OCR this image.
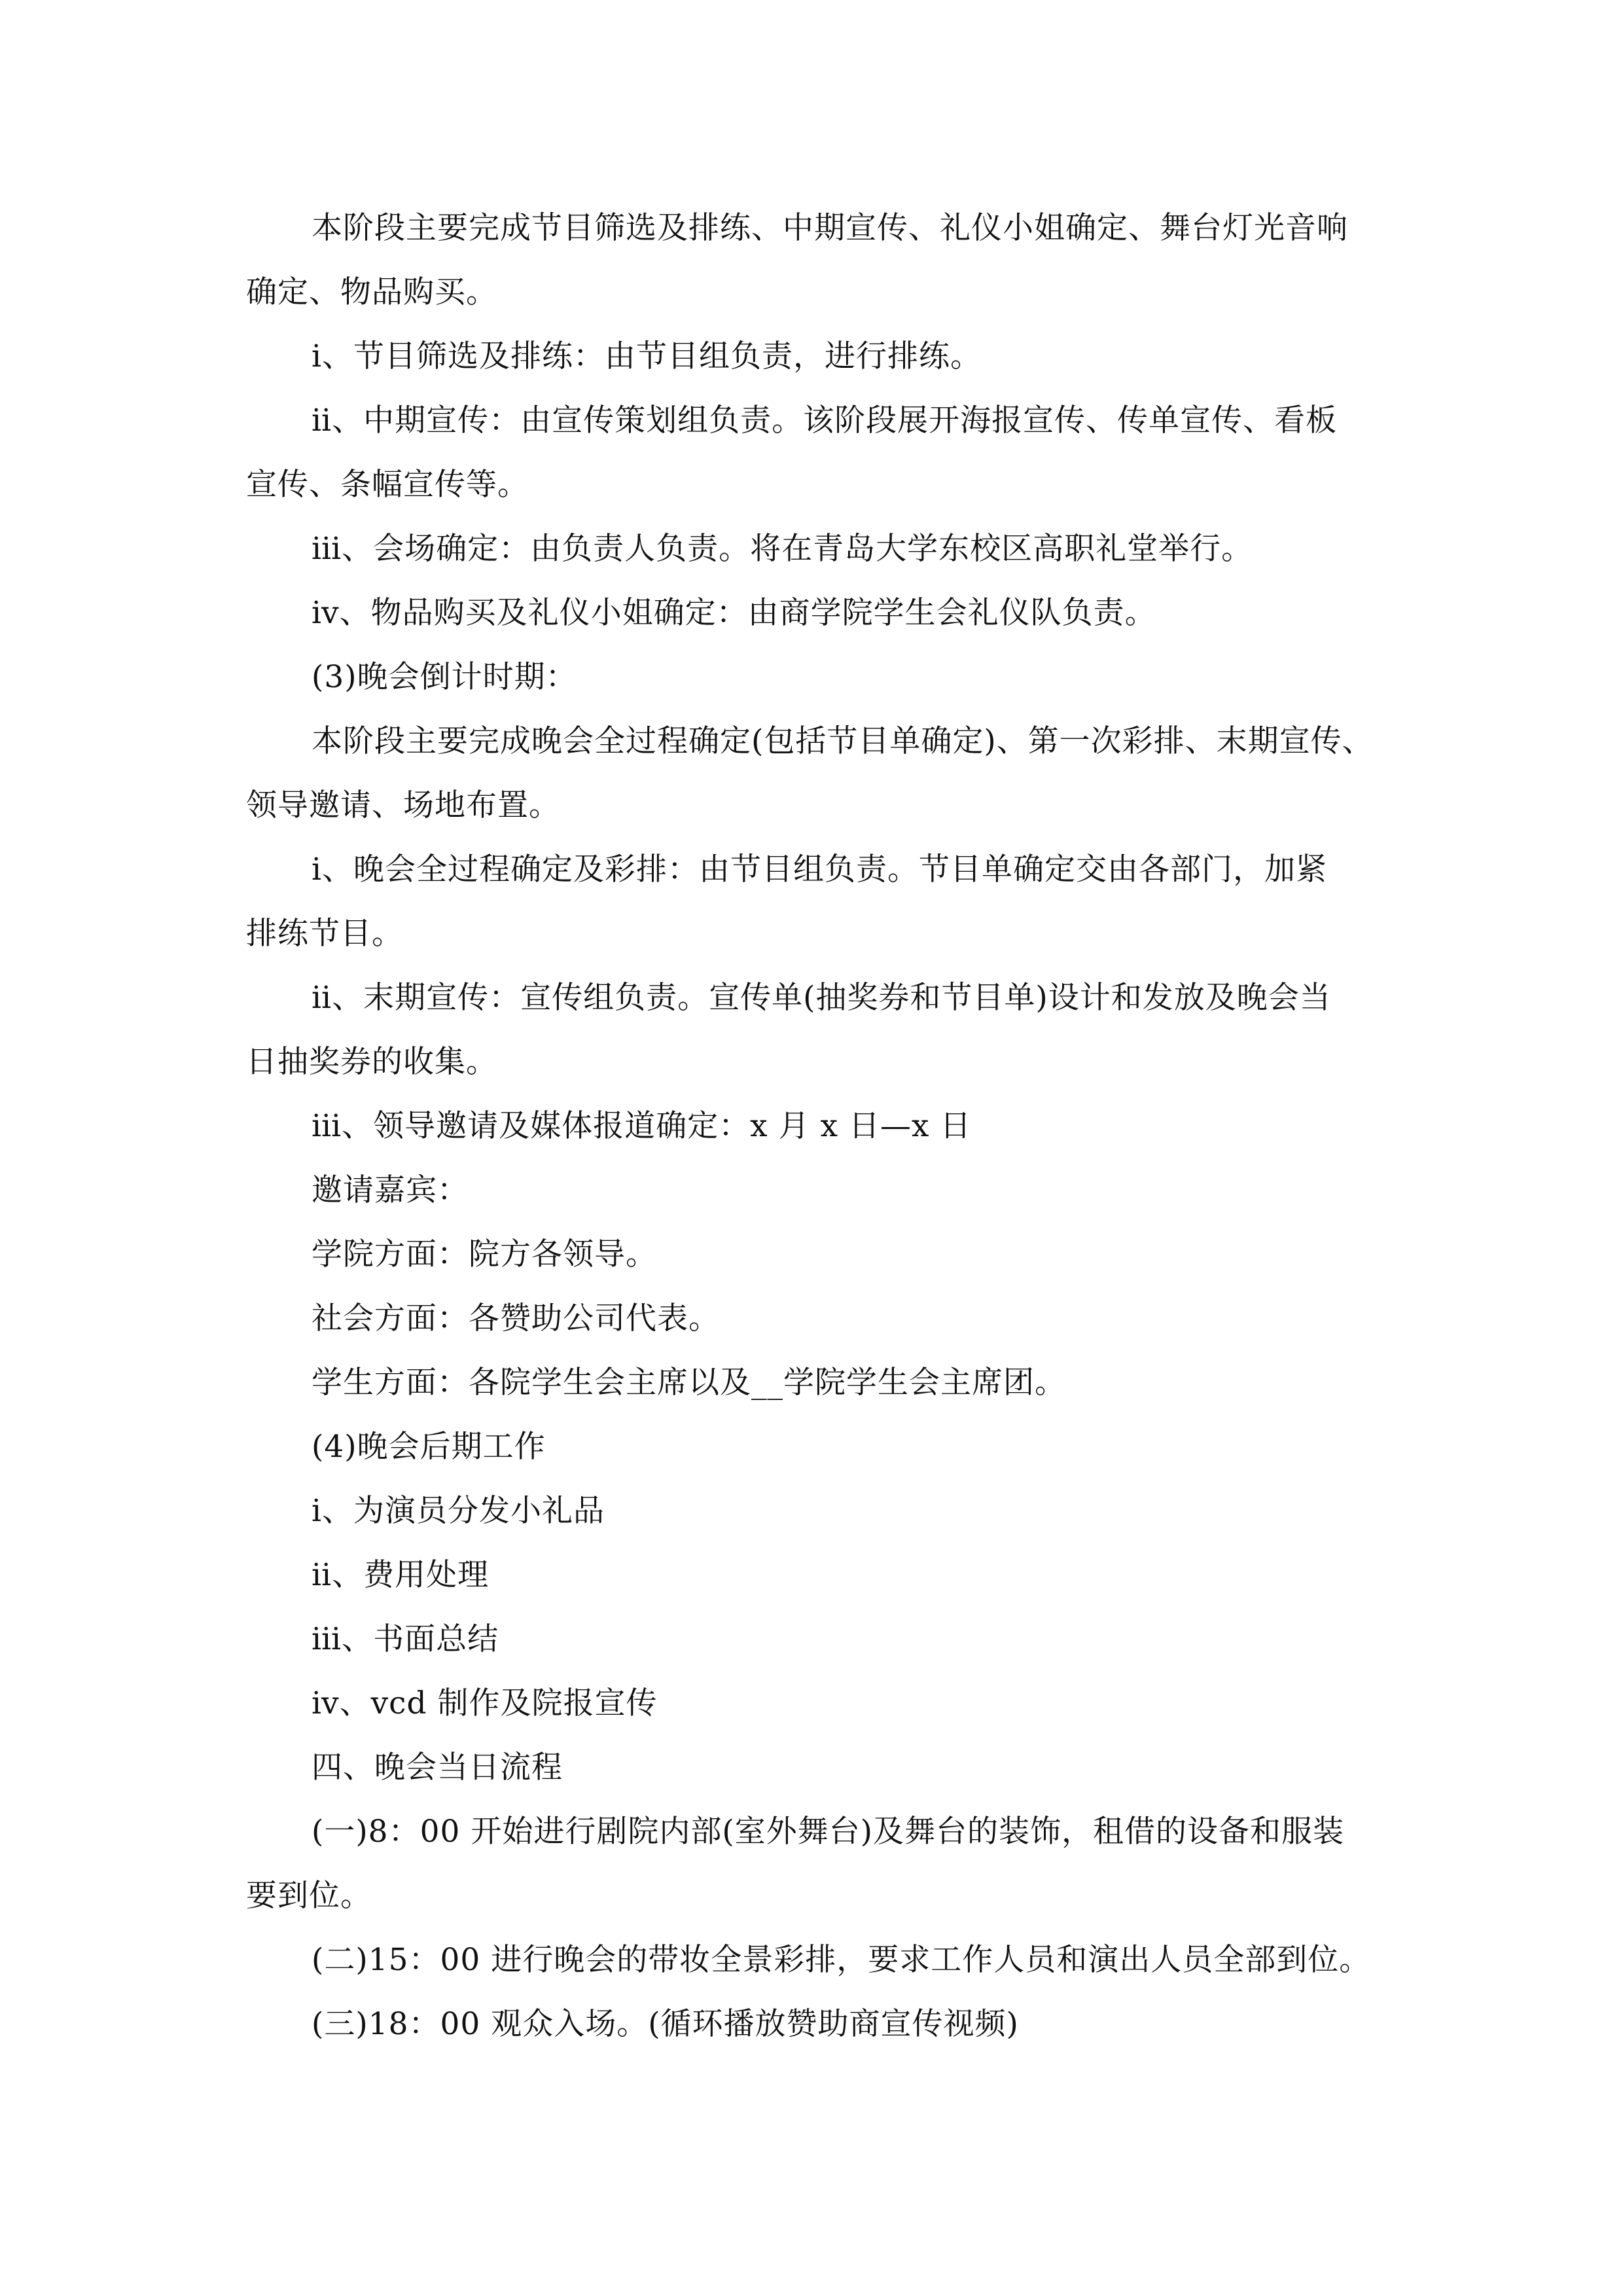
本阶段主要完成节目筛选及排练、中期宣传、礼仪小姐确定、舞台灯光音响
确定、物品购买。
ⅰ、节目筛选及排练：由节目组负责，进行排练。
ⅱ、中期宣传：由宣传策划组负责。该阶段展开海报宣传、传单宣传、看板
宣传、条幅宣传等。
ⅲ、会场确定：由负责人负责。将在青岛大学东校区高职礼堂举行。
ⅳ、物品购买及礼仪小姐确定：由商学院学生会礼仪队负责。
(3)晚会倒计时期：
本阶段主要完成晚会全过程确定(包括节目单确定)、第一次彩排、末期宣传、
领导邀请、场地布置。
ⅰ、晚会全过程确定及彩排：由节目组负责。节目单确定交由各部门，加紧
排练节目。
ⅱ、末期宣传：宣传组负责。宣传单(抽奖券和节目单)设计和发放及晚会当
日抽奖券的收集。
ⅲ、领导邀请及媒体报道确定：x 月 x 日—x 日
邀请嘉宾：
学院方面：院方各领导。
社会方面：各赞助公司代表。
学生方面：各院学生会主席以及__学院学生会主席团。
(4)晚会后期工作
ⅰ、为演员分发小礼品
ⅱ、费用处理
ⅲ、书面总结
ⅳ、vcd 制作及院报宣传
四、晚会当日流程
(一)8：00 开始进行剧院内部(室外舞台)及舞台的装饰，租借的设备和服装
要到位。
(二)15：00 进行晚会的带妆全景彩排，要求工作人员和演出人员全部到位。
(三)18：00 观众入场。(循环播放赞助商宣传视频)
